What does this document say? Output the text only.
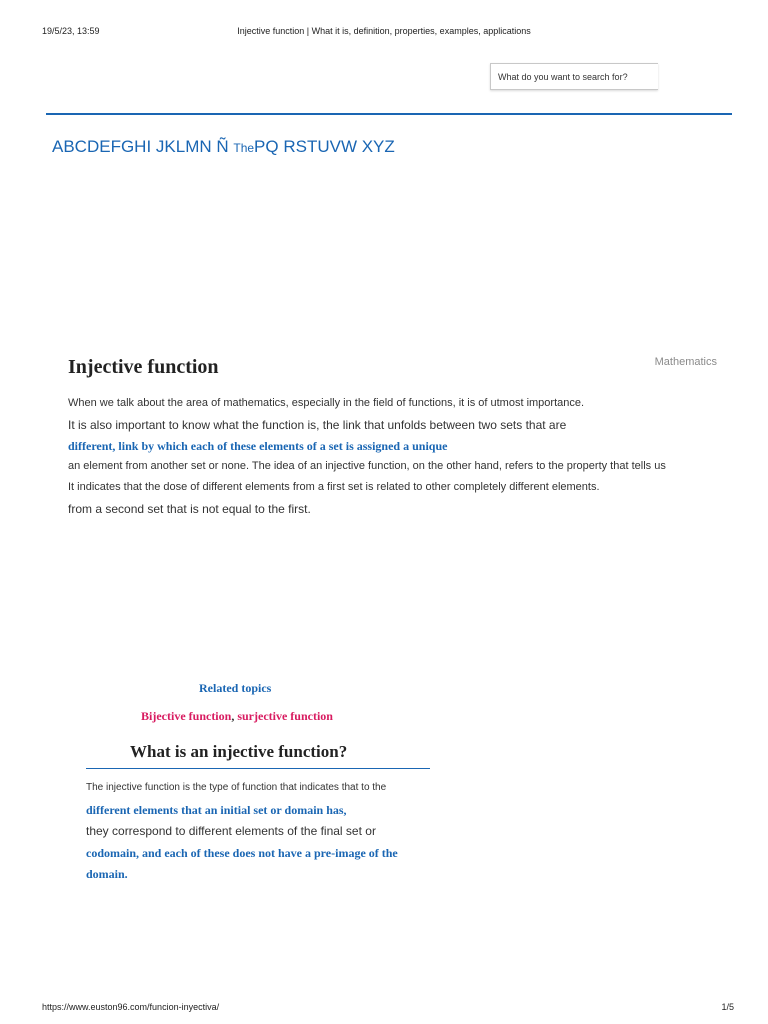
19/5/23, 13:59	Injective function | What it is, definition, properties, examples, applications
What do you want to search for?
ABCDEFGHI JKLMN Ñ ThePQ RSTUVW XYZ
Injective function	Mathematics
When we talk about the area of mathematics, especially in the field of functions, it is of utmost importance.
It is also important to know what the function is, the link that unfolds between two sets that are
different, link by which each of these elements of a set is assigned a unique
an element from another set or none. The idea of an injective function, on the other hand, refers to the property that tells us
It indicates that the dose of different elements from a first set is related to other completely different elements.
from a second set that is not equal to the first.
Related topics
Bijective function, surjective function
What is an injective function?
The injective function is the type of function that indicates that to the
different elements that an initial set or domain has,
they correspond to different elements of the final set or
codomain, and each of these does not have a pre-image of the
domain.
https://www.euston96.com/funcion-inyectiva/	1/5
